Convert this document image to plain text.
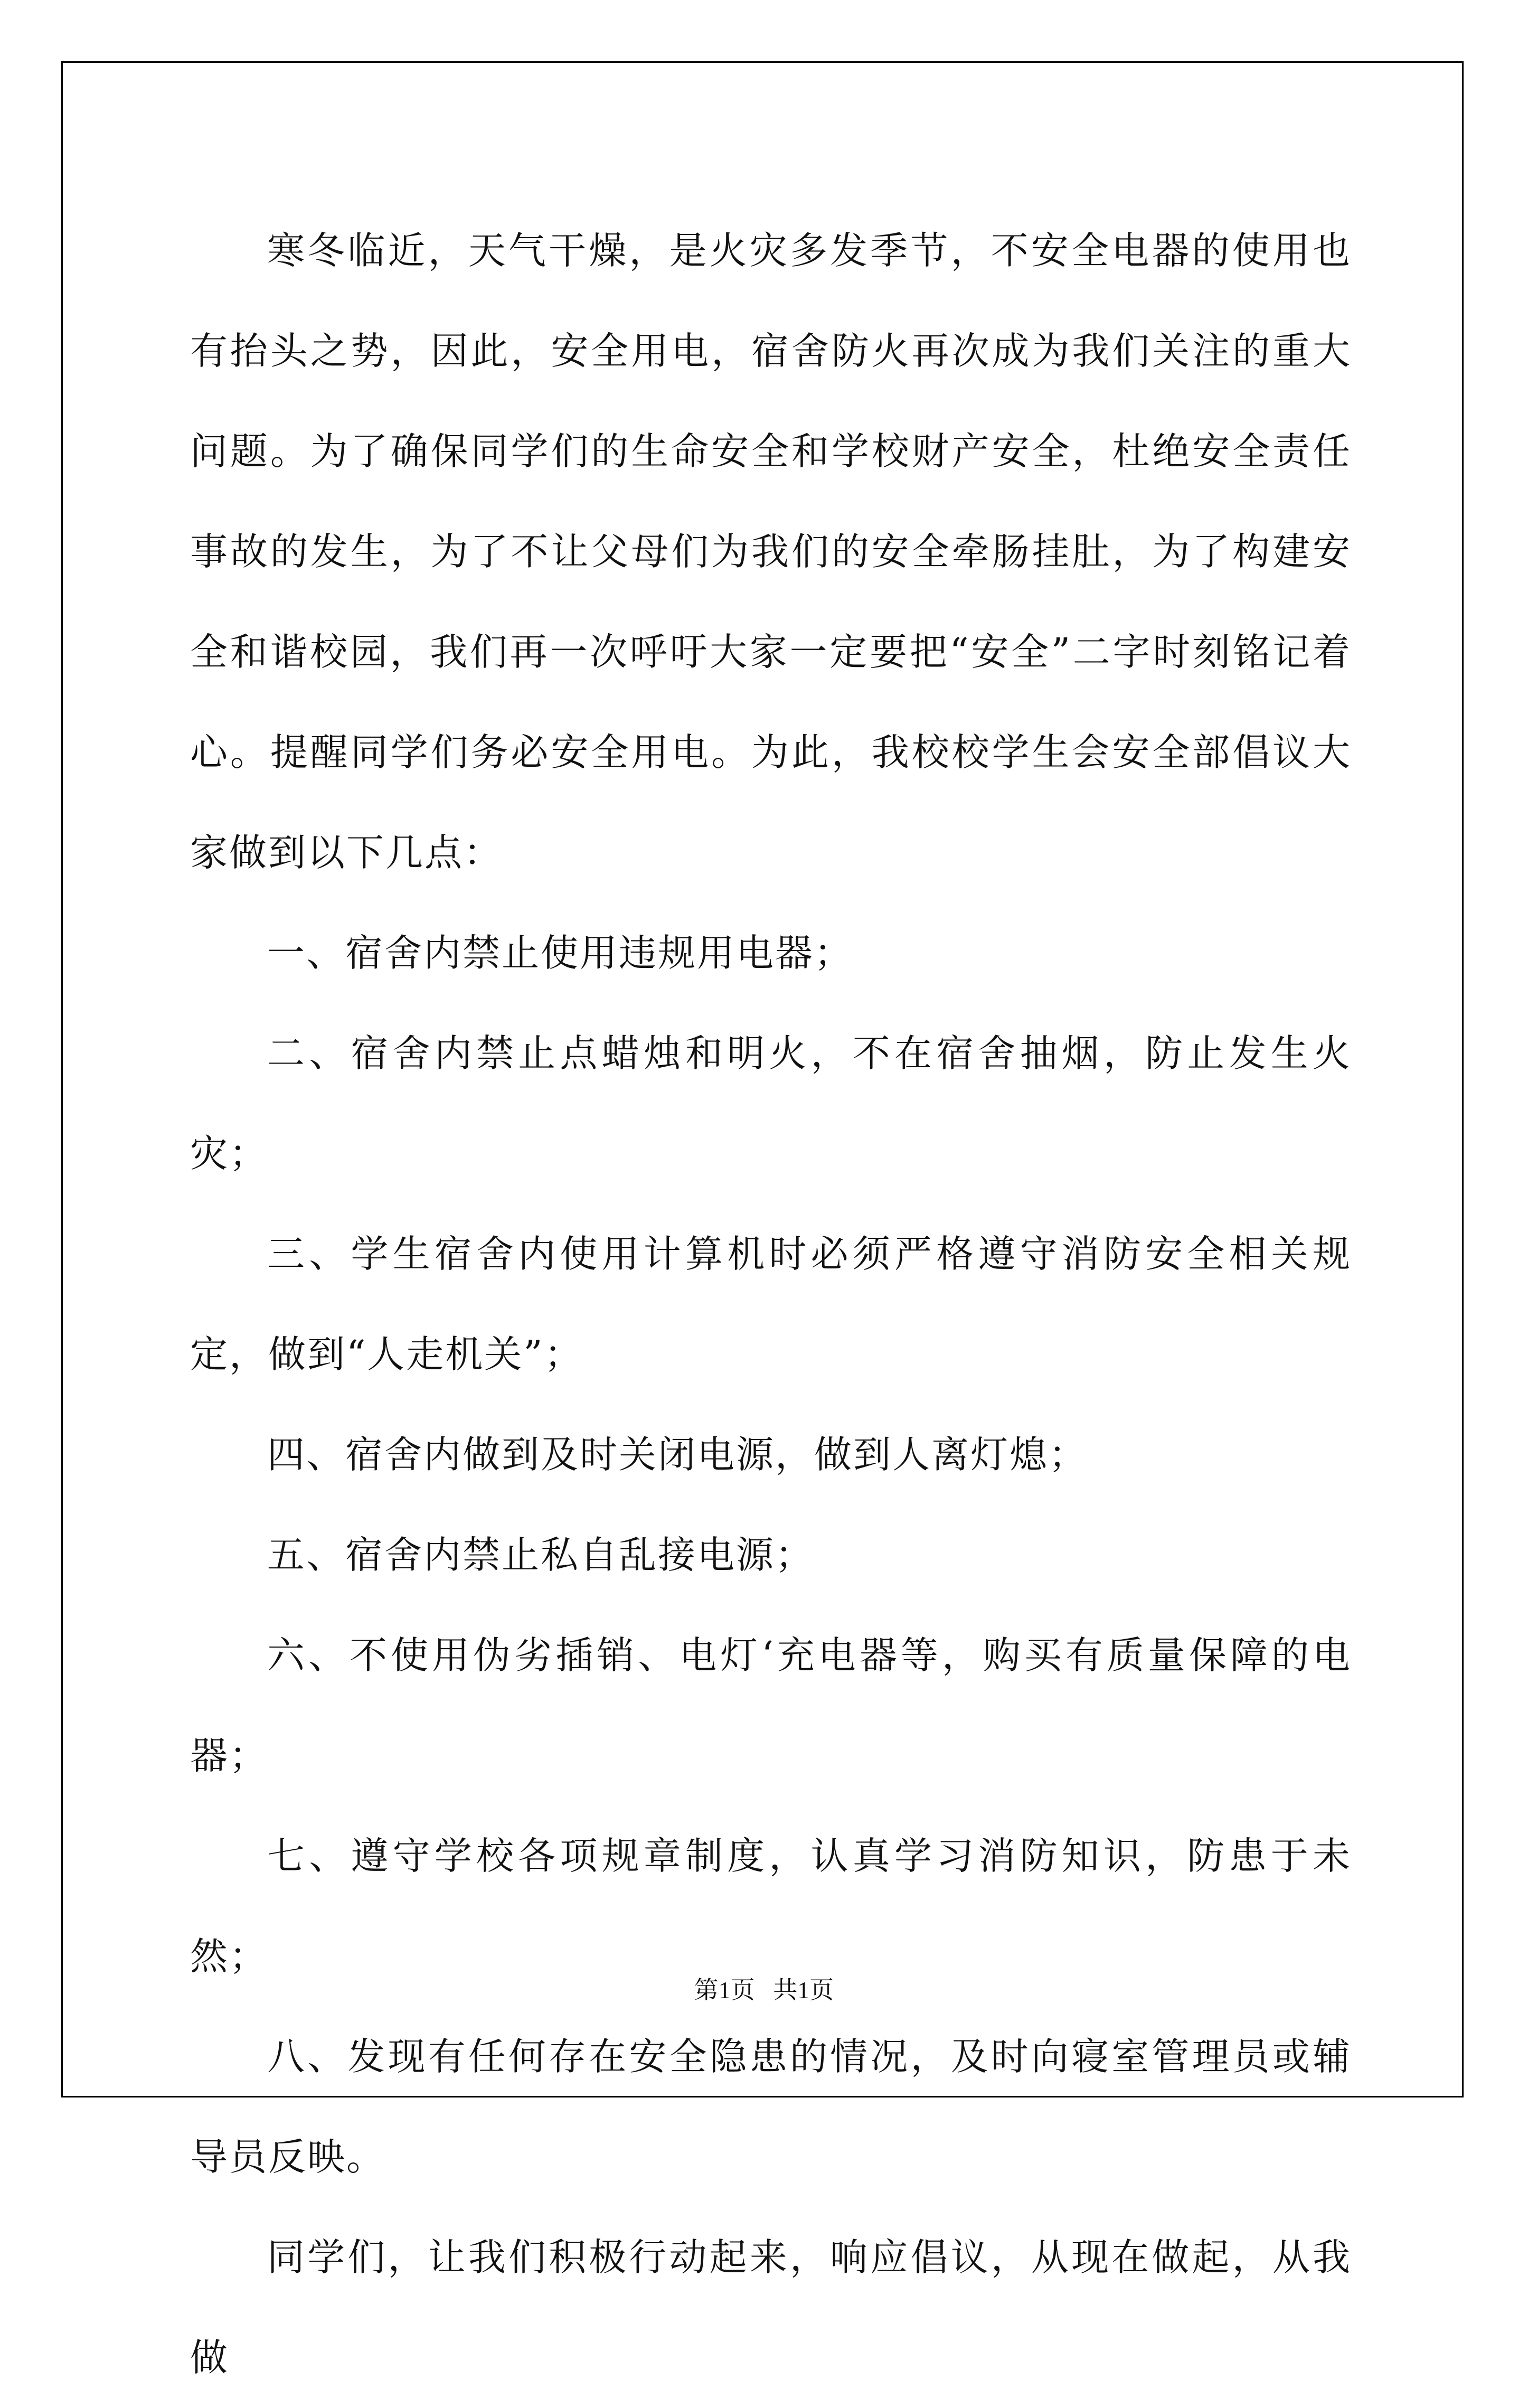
寒冬临近，天气干燥，是火灾多发季节，不安全电器的使用也有抬头之势，因此，安全用电，宿舍防火再次成为我们关注的重大问题。为了确保同学们的生命安全和学校财产安全，杜绝安全责任事故的发生，为了不让父母们为我们的安全牵肠挂肚，为了构建安全和谐校园，我们再一次呼吁大家一定要把“安全”二字时刻铭记着心。提醒同学们务必安全用电。为此，我校校学生会安全部倡议大家做到以下几点：

一、宿舍内禁止使用违规用电器；

二、宿舍内禁止点蜡烛和明火，不在宿舍抽烟，防止发生火灾；

三、学生宿舍内使用计算机时必须严格遵守消防安全相关规定，做到“人走机关”；

四、宿舍内做到及时关闭电源，做到人离灯熄；

五、宿舍内禁止私自乱接电源；

六、不使用伪劣插销、电灯‘充电器等，购买有质量保障的电器；

七、遵守学校各项规章制度，认真学习消防知识，防患于未然；

八、发现有任何存在安全隐患的情况，及时向寝室管理员或辅导员反映。

同学们，让我们积极行动起来，响应倡议，从现在做起，从我做

第1页 共1页
